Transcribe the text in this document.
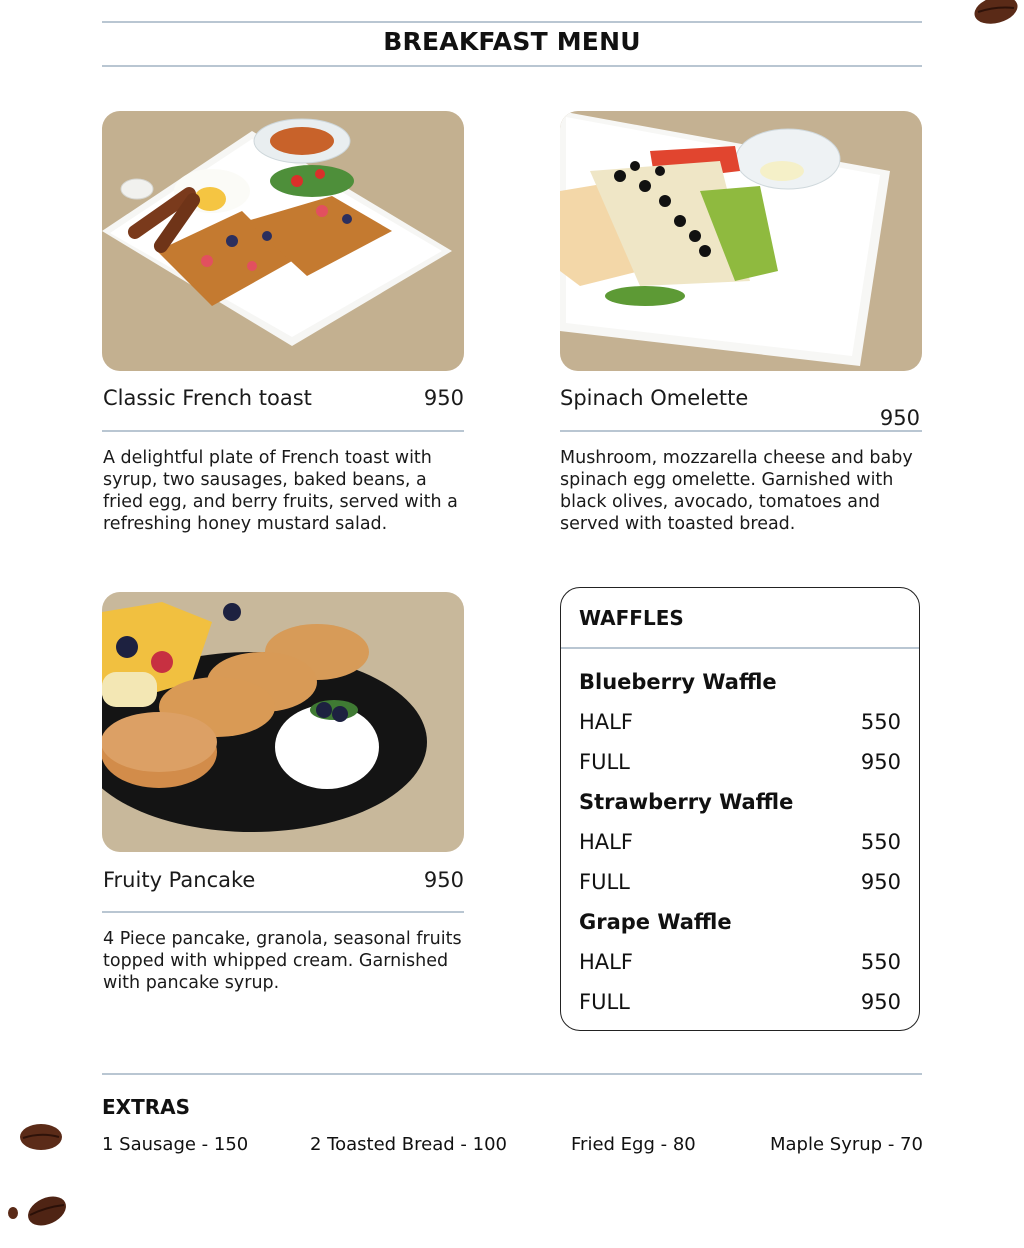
BREAKFAST MENU
Classic French toast	950
A delightful plate of French toast with syrup, two sausages, baked beans, a fried egg, and berry fruits, served with a refreshing honey mustard salad.
Spinach Omelette
950
Mushroom, mozzarella cheese and baby spinach egg omelette. Garnished with black olives, avocado, tomatoes and served with toasted bread.
Fruity Pancake	950
4 Piece pancake, granola, seasonal fruits topped with whipped cream. Garnished with pancake syrup.
WAFFLES
Blueberry Waffle
HALF	550
FULL	950
Strawberry Waffle
HALF	550
FULL	950
Grape Waffle
HALF	550
FULL	950
EXTRAS
1 Sausage - 150	2 Toasted Bread - 100	Fried Egg - 80	Maple Syrup - 70
